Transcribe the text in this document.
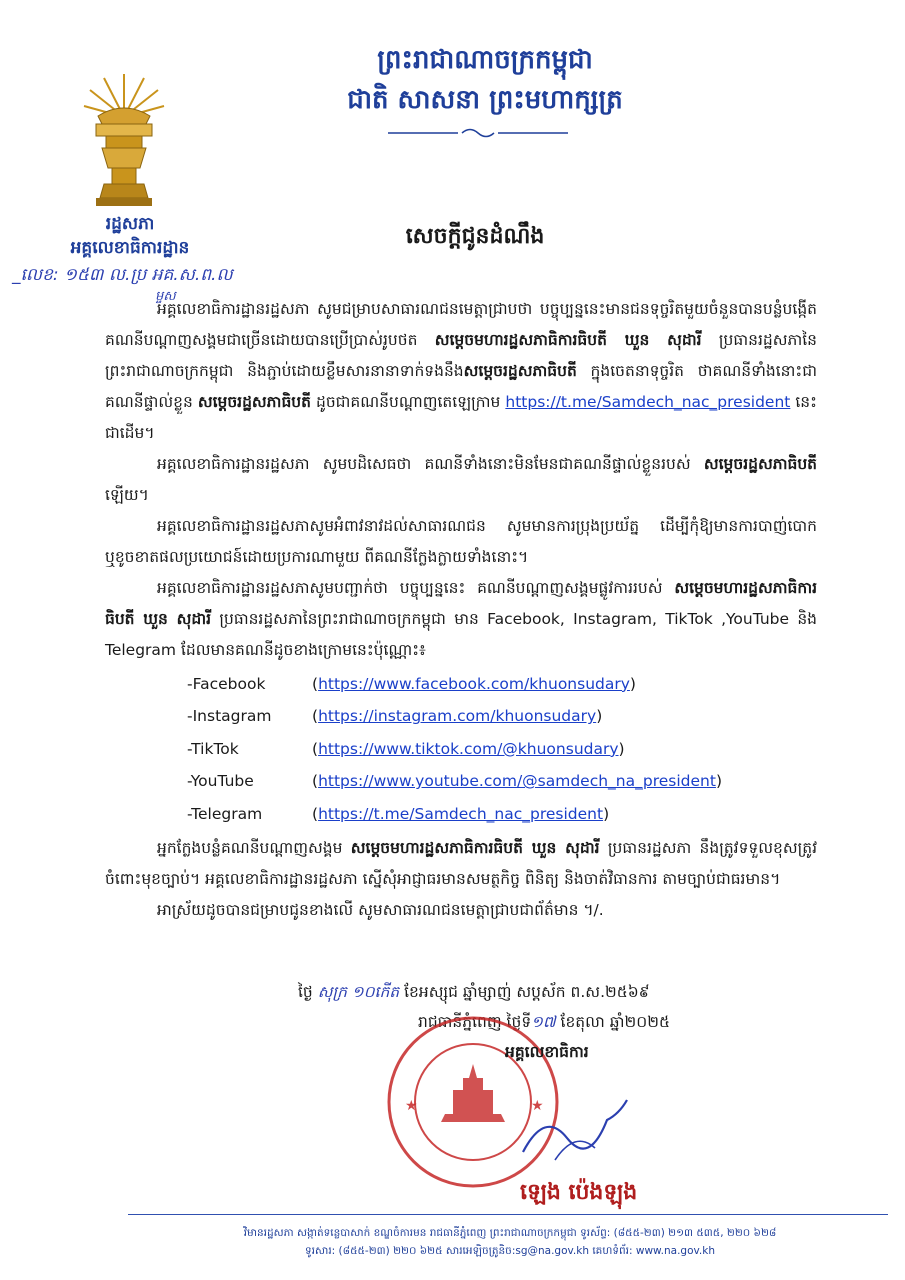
ព្រះរាជាណាចក្រកម្ពុជា
ជាតិ សាសនា ព្រះមហាក្សត្រ
រដ្ឋសភា
អគ្គលេខាធិការដ្ឋាន
_លេខ: ១៥៣ ល.ប្រ អគ.ស.ព.ល
ម្ចស
សេចក្តីជូនដំណឹង

អគ្គលេខាធិការដ្ឋានរដ្ឋសភា សូមជម្រាបសាធារណជនមេត្តាជ្រាបថា បច្ចុប្បន្ននេះមានជនទុច្ចរិតមួយចំនួនបានបន្លំបង្កើតគណនីបណ្តាញសង្គមជាច្រើនដោយបានប្រើប្រាស់រូបថត សម្តេចមហារដ្ឋសភាធិការធិបតី ឃួន សុដារី ប្រធានរដ្ឋសភានៃព្រះរាជាណាចក្រកម្ពុជា និងភ្ជាប់ដោយខ្លឹមសារនានាទាក់ទងនឹងសម្តេចរដ្ឋសភាធិបតី ក្នុងចេតនាទុច្ចរិត ថាគណនីទាំងនោះជា គណនីផ្ទាល់ខ្លួន សម្តេចរដ្ឋសភាធិបតី ដូចជាគណនីបណ្តាញតេឡេក្រាម https://t.me/Samdech_nac_president នេះជាដើម។

អគ្គលេខាធិការដ្ឋានរដ្ឋសភា សូមបដិសេធថា គណនីទាំងនោះមិនមែនជាគណនីផ្ទាល់ខ្លួនរបស់ សម្តេចរដ្ឋសភាធិបតី ឡើយ។

អគ្គលេខាធិការដ្ឋានរដ្ឋសភាសូមអំពាវនាវដល់សាធារណជន សូមមានការប្រុងប្រយ័ត្ន ដើម្បីកុំឱ្យមានការបាញ់បោក ឬខូចខាតផលប្រយោជន៍ដោយប្រការណាមួយ ពីគណនីក្លែងក្លាយទាំងនោះ។

អគ្គលេខាធិការដ្ឋានរដ្ឋសភាសូមបញ្ជាក់ថា បច្ចុប្បន្ននេះ គណនីបណ្តាញសង្គមផ្លូវការរបស់ សម្តេចមហារដ្ឋសភាធិការធិបតី ឃួន សុដារី ប្រធានរដ្ឋសភានៃព្រះរាជាណាចក្រកម្ពុជា មាន Facebook, Instagram, TikTok ,YouTube និង Telegram ដែលមានគណនីដូចខាងក្រោមនេះប៉ុណ្ណោះ៖

-Facebook	( https://www.facebook.com/khuonsudary )
-Instagram	( https://instagram.com/khuonsudary )
-TikTok	( https://www.tiktok.com/@khuonsudary )
-YouTube	( https://www.youtube.com/@samdech_na_president )
-Telegram	( https://t.me/Samdech_nac_president )

អ្នកក្លែងបន្លំគណនីបណ្តាញសង្គម សម្តេចមហារដ្ឋសភាធិការធិបតី ឃួន សុដារី ប្រធានរដ្ឋសភា នឹងត្រូវទទួលខុសត្រូវចំពោះមុខច្បាប់។ អគ្គលេខាធិការដ្ឋានរដ្ឋសភា ស្នើសុំអាជ្ញាធរមានសមត្ថកិច្ច ពិនិត្យ និងចាត់វិធានការ តាមច្បាប់ជាធរមាន។

អាស្រ័យដូចបានជម្រាបជូនខាងលើ សូមសាធារណជនមេត្តាជ្រាបជាព័ត៌មាន ។/.

ថ្ងៃ សុក្រ ១០កើត ខែអស្សុជ ឆ្នាំម្សាញ់ សប្តស័ក ព.ស.២៥៦៩
រាជធានីភ្នំពេញ ថ្ងៃទី១៧ ខែតុលា ឆ្នាំ២០២៥
★	★
អគ្គលេខាធិការ
ឡេង ប៉េងឡុង
វិមានរដ្ឋសភា សង្កាត់ទន្លេបាសាក់ ខណ្ឌចំការមន រាជធានីភ្នំពេញ ព្រះរាជាណាចក្រកម្ពុជា ទូរស័ព្ទ: (៨៥៥-២៣) ២១៣ ៥៣៥, ២២០ ៦២៨
ទូរសារ: (៨៥៥-២៣) ២២០ ៦២៥ សារអេឡិចត្រូនិច:sg@na.gov.kh គេហទំព័រ: www.na.gov.kh
